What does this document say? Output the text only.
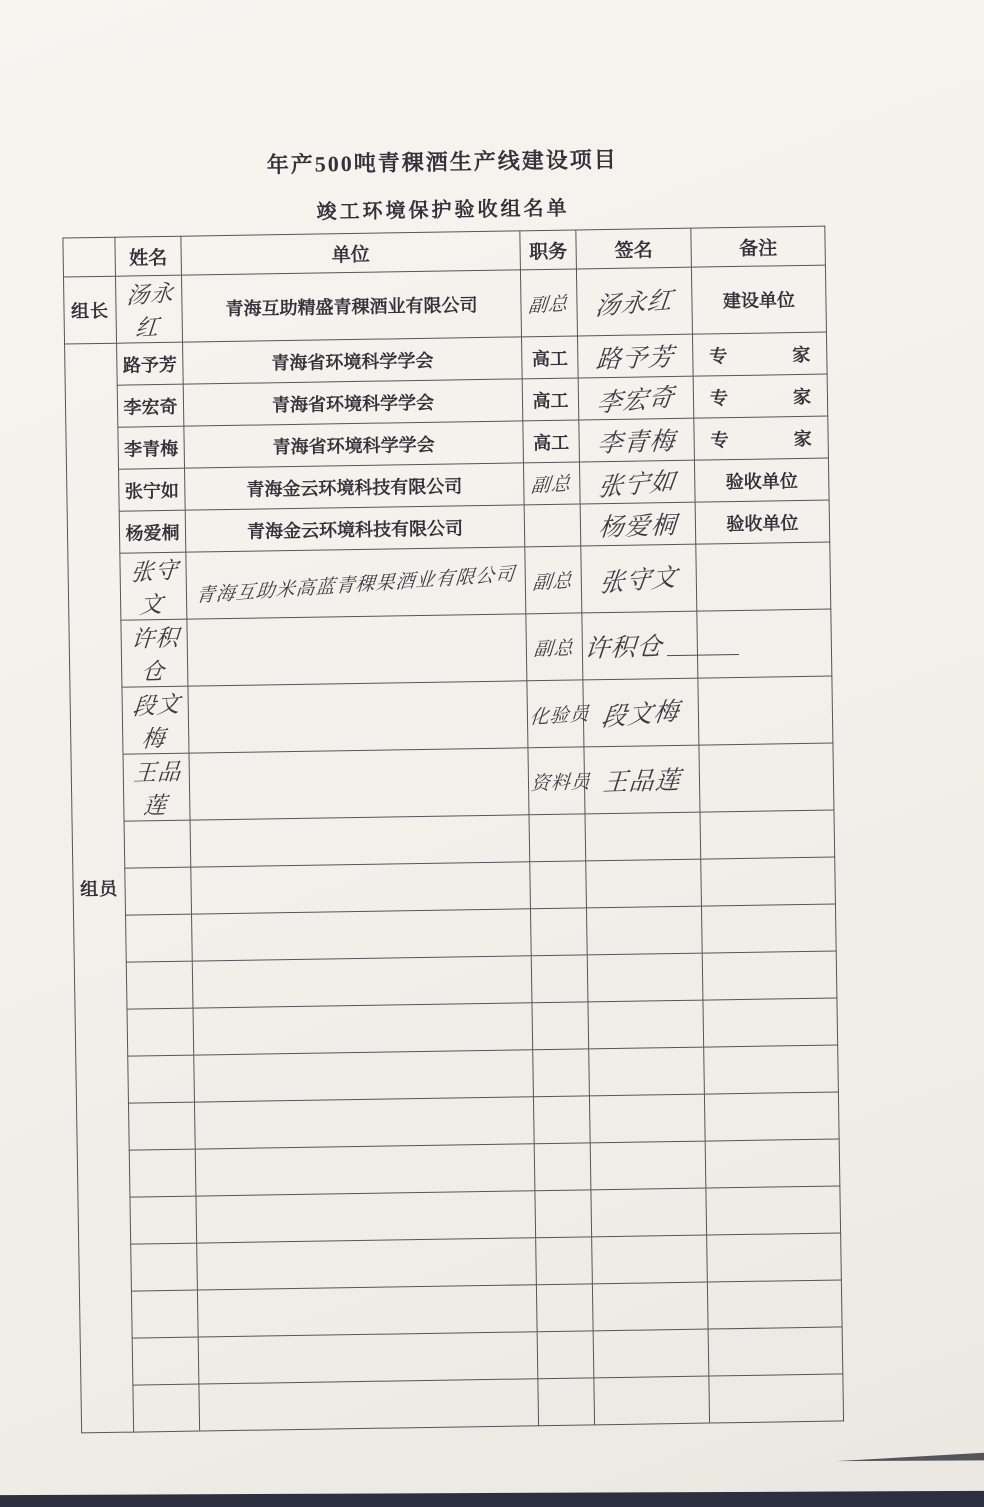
年产500吨青稞酒生产线建设项目
竣工环境保护验收组名单
	姓名	单位	职务	签名	备注
组长	汤永红	青海互助精盛青稞酒业有限公司	副总	汤永红	建设单位
组员	路予芳	青海省环境科学学会	高工	路予芳	专家
	李宏奇	青海省环境科学学会	高工	李宏奇	专家
	李青梅	青海省环境科学学会	高工	李青梅	专家
	张宁如	青海金云环境科技有限公司	副总	张宁如	验收单位
	杨爱桐	青海金云环境科技有限公司		杨爱桐	验收单位
	张守文	青海互助米高蓝青稞果酒业有限公司	副总	张守文	
	许积仓		副总	许积仓	
	段文梅		化验员	段文梅	
	王品莲		资料员	王品莲	
